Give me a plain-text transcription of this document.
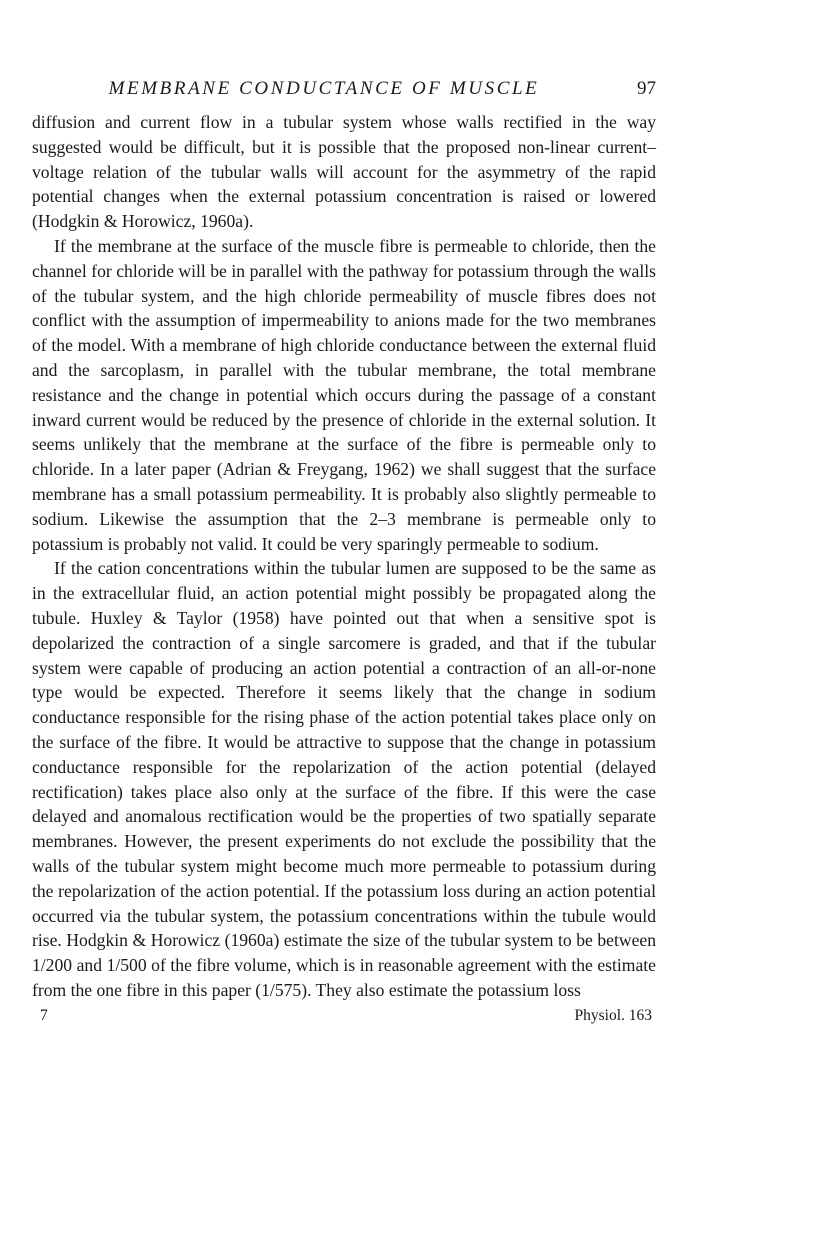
MEMBRANE CONDUCTANCE OF MUSCLE	97

diffusion and current flow in a tubular system whose walls rectified in the way suggested would be difficult, but it is possible that the proposed non-linear current–voltage relation of the tubular walls will account for the asymmetry of the rapid potential changes when the external potassium concentration is raised or lowered (Hodgkin & Horowicz, 1960a).

If the membrane at the surface of the muscle fibre is permeable to chloride, then the channel for chloride will be in parallel with the pathway for potassium through the walls of the tubular system, and the high chloride permeability of muscle fibres does not conflict with the assumption of impermeability to anions made for the two membranes of the model. With a membrane of high chloride conductance between the external fluid and the sarcoplasm, in parallel with the tubular membrane, the total membrane resistance and the change in potential which occurs during the passage of a constant inward current would be reduced by the presence of chloride in the external solution. It seems unlikely that the membrane at the surface of the fibre is permeable only to chloride. In a later paper (Adrian & Freygang, 1962) we shall suggest that the surface membrane has a small potassium permeability. It is probably also slightly permeable to sodium. Likewise the assumption that the 2–3 membrane is permeable only to potassium is probably not valid. It could be very sparingly permeable to sodium.

If the cation concentrations within the tubular lumen are supposed to be the same as in the extracellular fluid, an action potential might possibly be propagated along the tubule. Huxley & Taylor (1958) have pointed out that when a sensitive spot is depolarized the contraction of a single sarcomere is graded, and that if the tubular system were capable of producing an action potential a contraction of an all-or-none type would be expected. Therefore it seems likely that the change in sodium conductance responsible for the rising phase of the action potential takes place only on the surface of the fibre. It would be attractive to suppose that the change in potassium conductance responsible for the repolarization of the action potential (delayed rectification) takes place also only at the surface of the fibre. If this were the case delayed and anomalous rectification would be the properties of two spatially separate membranes. However, the present experiments do not exclude the possibility that the walls of the tubular system might become much more permeable to potassium during the repolarization of the action potential. If the potassium loss during an action potential occurred via the tubular system, the potassium concentrations within the tubule would rise. Hodgkin & Horowicz (1960a) estimate the size of the tubular system to be between 1/200 and 1/500 of the fibre volume, which is in reasonable agreement with the estimate from the one fibre in this paper (1/575). They also estimate the potassium loss

7	Physiol. 163
